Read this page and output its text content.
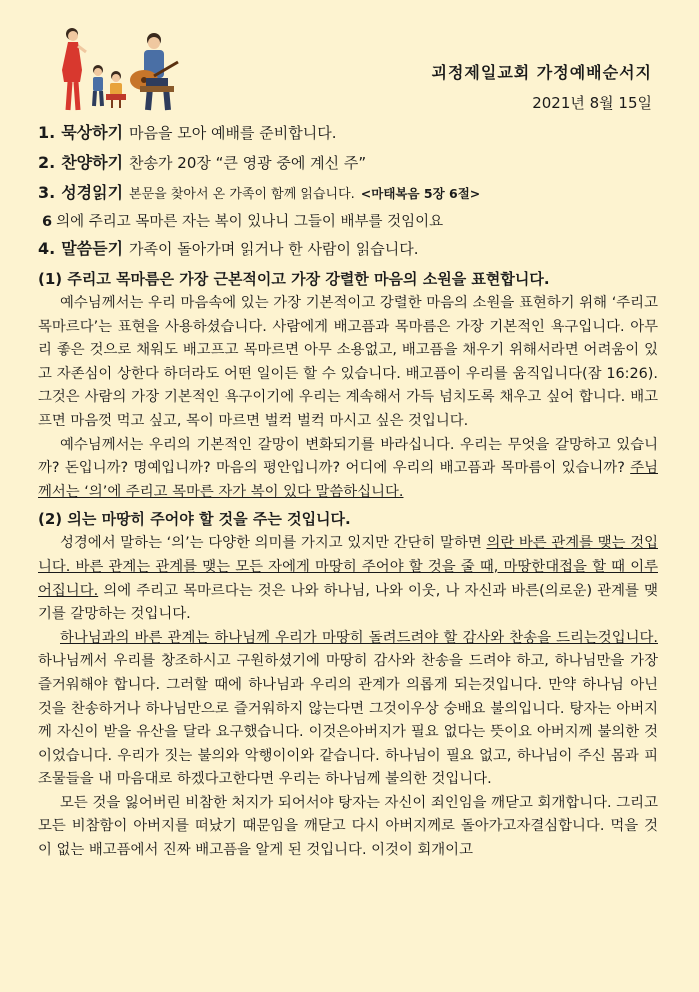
괴정제일교회 가정예배순서지
2021년 8월 15일
1. 묵상하기 마음을 모아 예배를 준비합니다.
2. 찬양하기 찬송가 20장 “큰 영광 중에 계신 주”
3. 성경읽기 본문을 찾아서 온 가족이 함께 읽습니다. <마태복음 5장 6절>
6 의에 주리고 목마른 자는 복이 있나니 그들이 배부를 것임이요
4. 말씀듣기 가족이 돌아가며 읽거나 한 사람이 읽습니다.
(1) 주리고 목마름은 가장 근본적이고 가장 강렬한 마음의 소원을 표현합니다.

예수님께서는 우리 마음속에 있는 가장 기본적이고 강렬한 마음의 소원을 표현하기 위해 ‘주리고 목마르다’는 표현을 사용하셨습니다. 사람에게 배고픔과 목마름은 가장 기본적인 욕구입니다. 아무리 좋은 것으로 채워도 배고프고 목마르면 아무 소용없고, 배고픔을 채우기 위해서라면 어려움이 있고 자존심이 상한다 하더라도 어떤 일이든 할 수 있습니다. 배고픔이 우리를 움직입니다(잠 16:26). 그것은 사람의 가장 기본적인 욕구이기에 우리는 계속해서 가득 넘치도록 채우고 싶어 합니다. 배고프면 마음껏 먹고 싶고, 목이 마르면 벌컥 벌컥 마시고 싶은 것입니다.

예수님께서는 우리의 기본적인 갈망이 변화되기를 바라십니다. 우리는 무엇을 갈망하고 있습니까? 돈입니까? 명예입니까? 마음의 평안입니까? 어디에 우리의 배고픔과 목마름이 있습니까? 주님께서는 ‘의’에 주리고 목마른 자가 복이 있다 말씀하십니다.

(2) 의는 마땅히 주어야 할 것을 주는 것입니다.

성경에서 말하는 ‘의’는 다양한 의미를 가지고 있지만 간단히 말하면 의란 바른 관계를 맺는 것입니다. 바른 관계는 관계를 맺는 모든 자에게 마땅히 주어야 할 것을 줄 때, 마땅한대접을 할 때 이루어집니다. 의에 주리고 목마르다는 것은 나와 하나님, 나와 이웃, 나 자신과 바른(의로운) 관계를 맺기를 갈망하는 것입니다.

하나님과의 바른 관계는 하나님께 우리가 마땅히 돌려드려야 할 감사와 찬송을 드리는것입니다. 하나님께서 우리를 창조하시고 구원하셨기에 마땅히 감사와 찬송을 드려야 하고, 하나님만을 가장 즐거워해야 합니다. 그러할 때에 하나님과 우리의 관계가 의롭게 되는것입니다. 만약 하나님 아닌 것을 찬송하거나 하나님만으로 즐거워하지 않는다면 그것이우상 숭배요 불의입니다. 탕자는 아버지께 자신이 받을 유산을 달라 요구했습니다. 이것은아버지가 필요 없다는 뜻이요 아버지께 불의한 것이었습니다. 우리가 짓는 불의와 악행이이와 같습니다. 하나님이 필요 없고, 하나님이 주신 몸과 피조물들을 내 마음대로 하겠다고한다면 우리는 하나님께 불의한 것입니다.

모든 것을 잃어버린 비참한 처지가 되어서야 탕자는 자신이 죄인임을 깨닫고 회개합니다. 그리고 모든 비참함이 아버지를 떠났기 때문임을 깨닫고 다시 아버지께로 돌아가고자결심합니다. 먹을 것이 없는 배고픔에서 진짜 배고픔을 알게 된 것입니다. 이것이 회개이고
